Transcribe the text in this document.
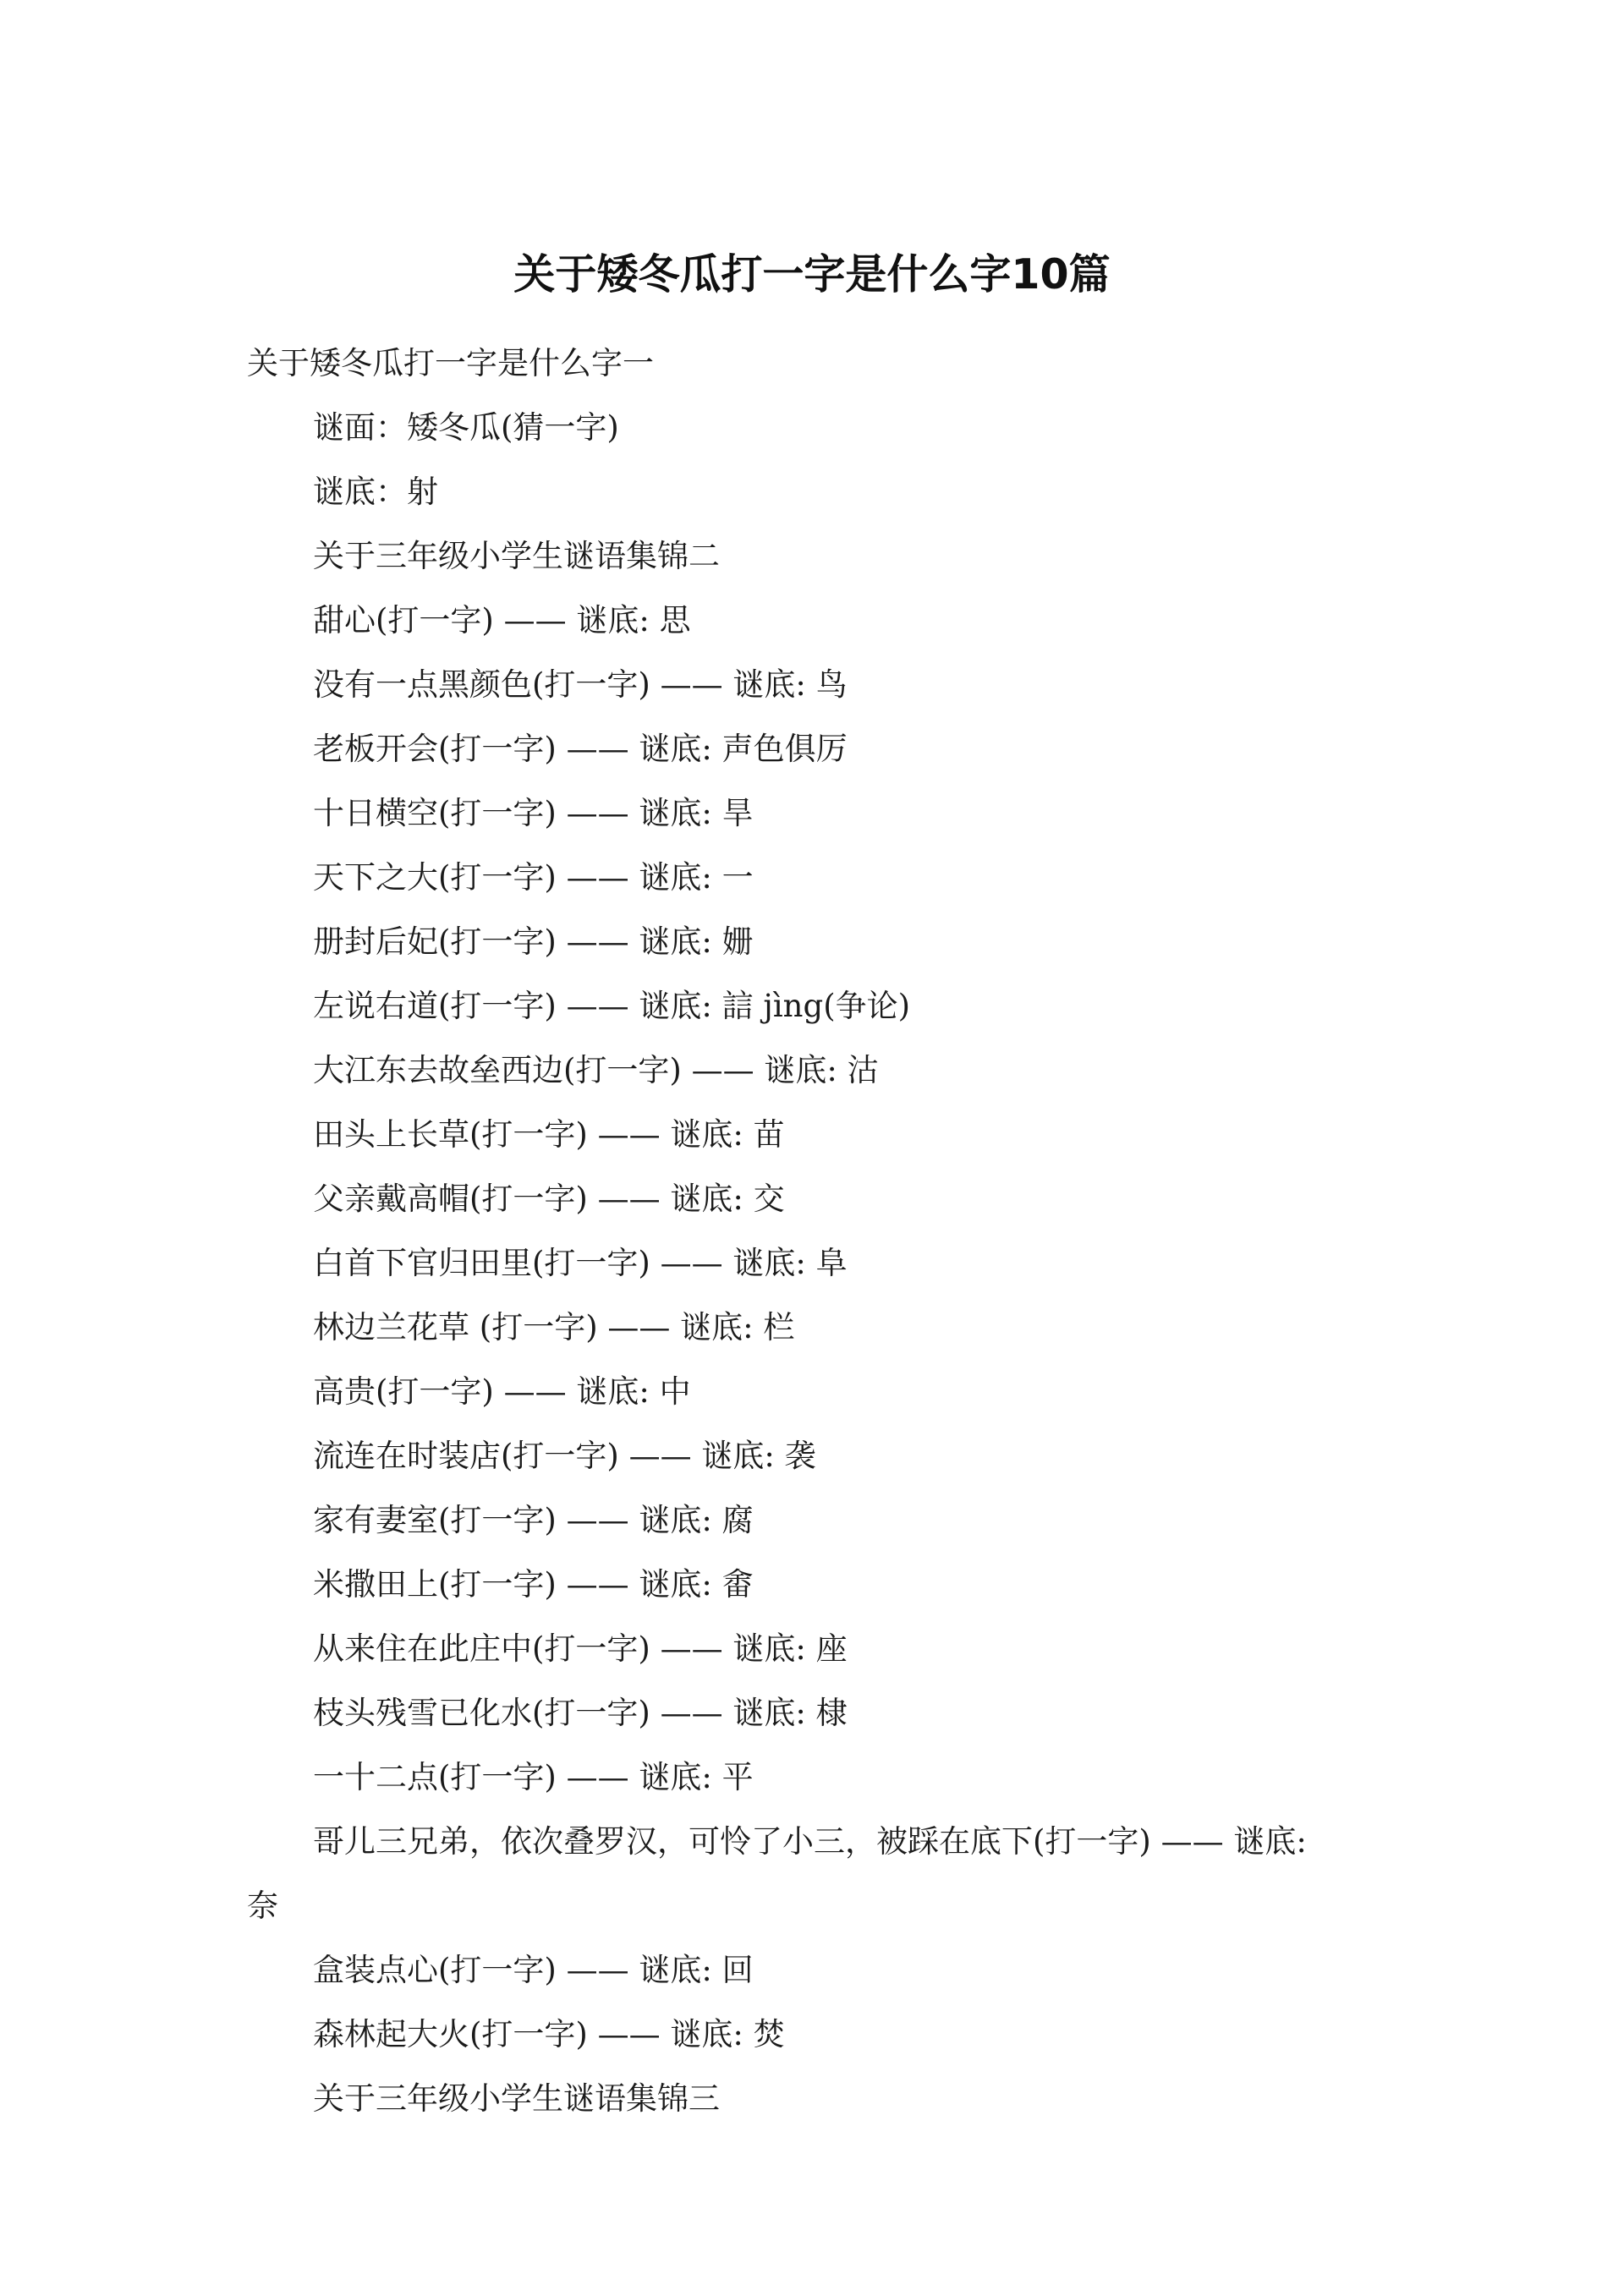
关于矮冬瓜打一字是什么字10篇

关于矮冬瓜打一字是什么字一

谜面：矮冬瓜(猜一字)

谜底：射

关于三年级小学生谜语集锦二

甜心(打一字) —— 谜底: 思

没有一点黑颜色(打一字) —— 谜底: 鸟

老板开会(打一字) —— 谜底: 声色俱厉

十日横空(打一字) —— 谜底: 旱

天下之大(打一字) —— 谜底: 一

册封后妃(打一字) —— 谜底: 姗

左说右道(打一字) —— 谜底: 誩 jìng(争论)

大江东去故垒西边(打一字) —— 谜底: 沽

田头上长草(打一字) —— 谜底: 苗

父亲戴高帽(打一字) —— 谜底: 交

白首下官归田里(打一字) —— 谜底: 阜

林边兰花草 (打一字) —— 谜底: 栏

高贵(打一字) —— 谜底: 中

流连在时装店(打一字) —— 谜底: 袭

家有妻室(打一字) —— 谜底: 腐

米撒田上(打一字) —— 谜底: 畬

从来住在此庄中(打一字) —— 谜底: 座

枝头残雪已化水(打一字) —— 谜底: 棣

一十二点(打一字) —— 谜底: 平

哥儿三兄弟，依次叠罗汉，可怜了小三，被踩在底下(打一字) —— 谜底:

奈

盒装点心(打一字) —— 谜底: 回

森林起大火(打一字) —— 谜底: 焚

关于三年级小学生谜语集锦三
